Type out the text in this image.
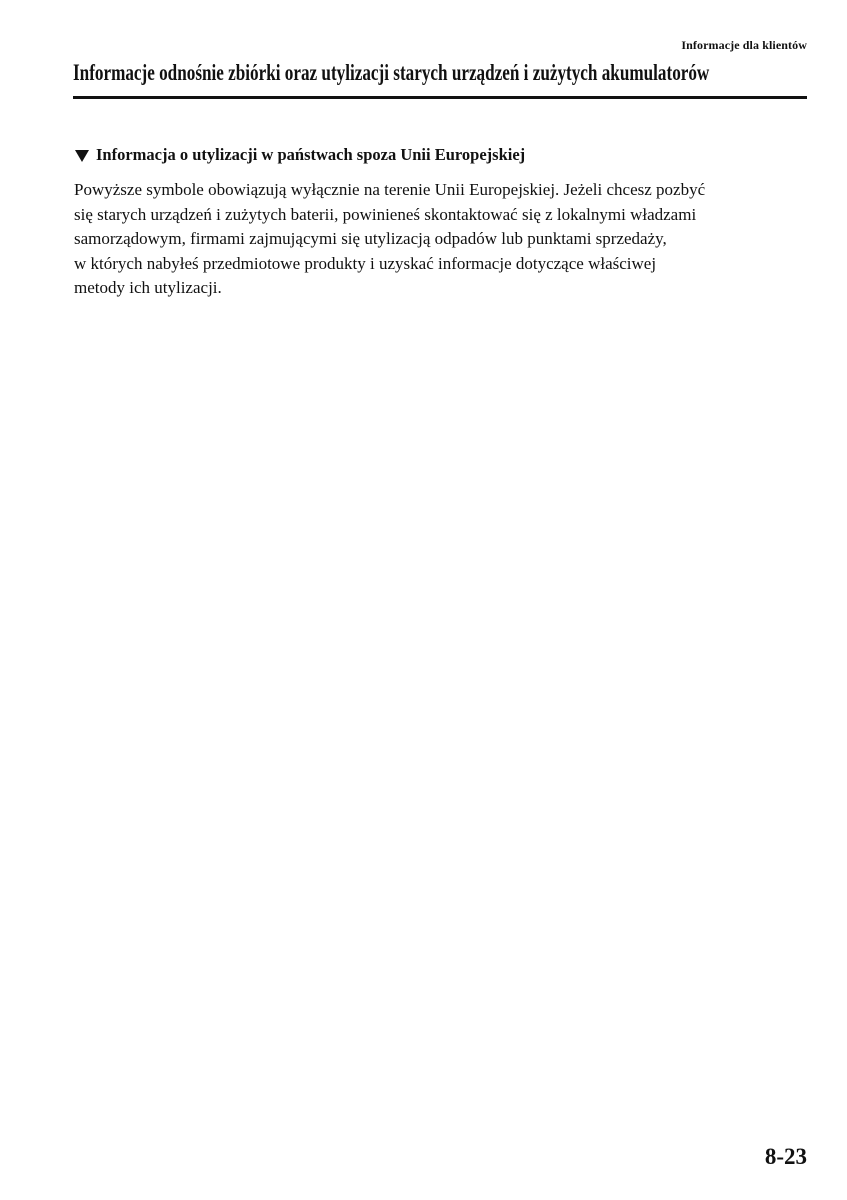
Informacje dla klientów
Informacje odnośnie zbiórki oraz utylizacji starych urządzeń i zużytych akumulatorów
Informacja o utylizacji w państwach spoza Unii Europejskiej

Powyższe symbole obowiązują wyłącznie na terenie Unii Europejskiej. Jeżeli chcesz pozbyć
się starych urządzeń i zużytych baterii, powinieneś skontaktować się z lokalnymi władzami
samorządowym, firmami zajmującymi się utylizacją odpadów lub punktami sprzedaży,
w których nabyłeś przedmiotowe produkty i uzyskać informacje dotyczące właściwej
metody ich utylizacji.

8-23
